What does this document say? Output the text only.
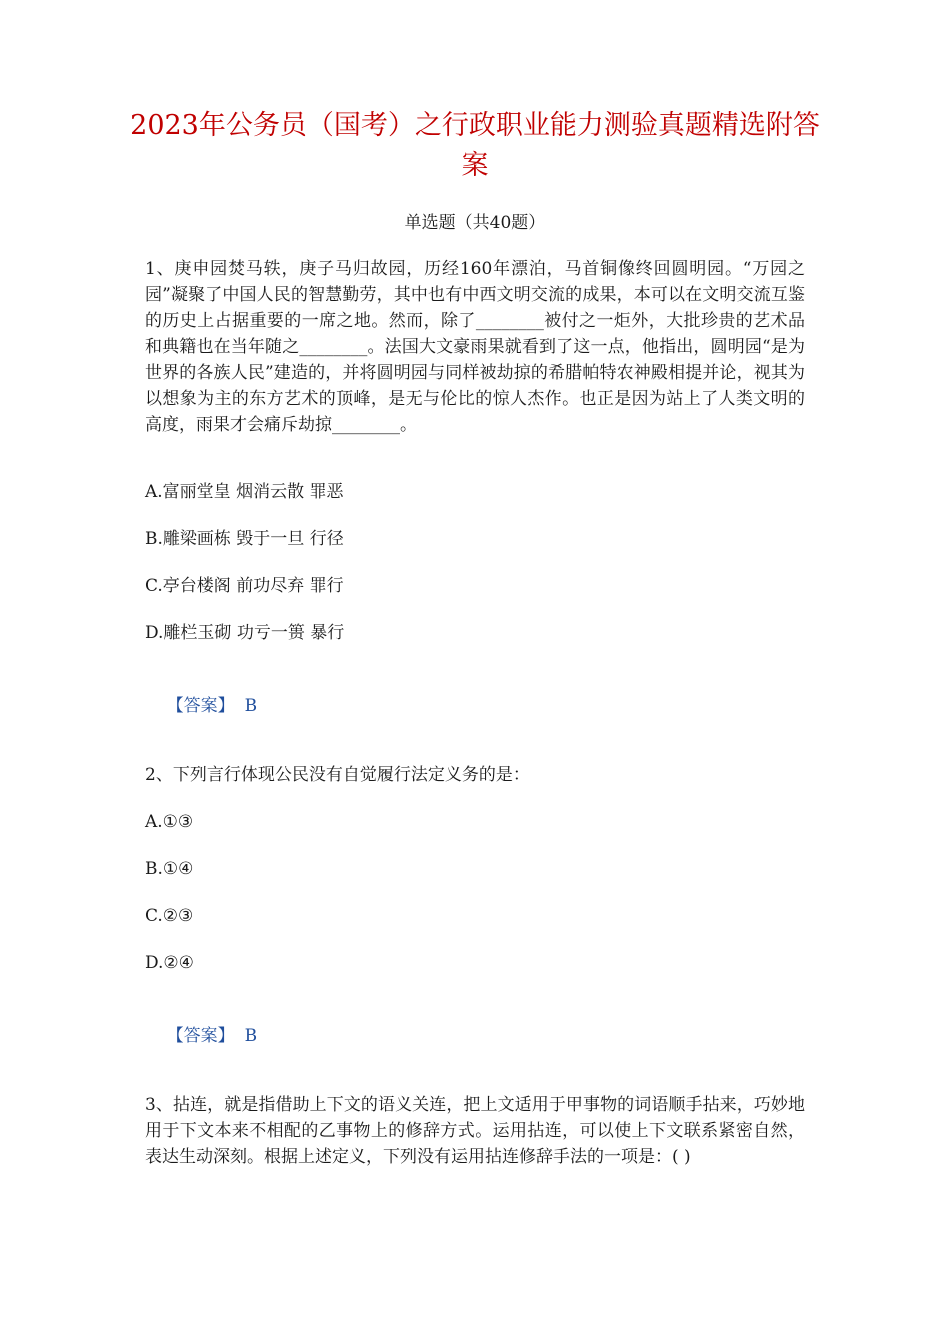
2023年公务员（国考）之行政职业能力测验真题精选附答案
单选题（共40题）

1、庚申园焚马轶，庚子马归故园，历经160年漂泊，马首铜像终回圆明园。“万园之园”凝聚了中国人民的智慧勤劳，其中也有中西文明交流的成果，本可以在文明交流互鉴的历史上占据重要的一席之地。然而，除了________被付之一炬外，大批珍贵的艺术品和典籍也在当年随之________。法国大文豪雨果就看到了这一点，他指出，圆明园“是为世界的各族人民”建造的，并将圆明园与同样被劫掠的希腊帕特农神殿相提并论，视其为以想象为主的东方艺术的顶峰，是无与伦比的惊人杰作。也正是因为站上了人类文明的高度，雨果才会痛斥劫掠________。

A.富丽堂皇 烟消云散 罪恶
B.雕梁画栋 毁于一旦 行径
C.亭台楼阁 前功尽弃 罪行
D.雕栏玉砌 功亏一篑 暴行

【答案】 B

2、下列言行体现公民没有自觉履行法定义务的是：

A.①③
B.①④
C.②③
D.②④

【答案】 B

3、拈连，就是指借助上下文的语义关连，把上文适用于甲事物的词语顺手拈来，巧妙地用于下文本来不相配的乙事物上的修辞方式。运用拈连，可以使上下文联系紧密自然，表达生动深刻。根据上述定义，下列没有运用拈连修辞手法的一项是：( )
